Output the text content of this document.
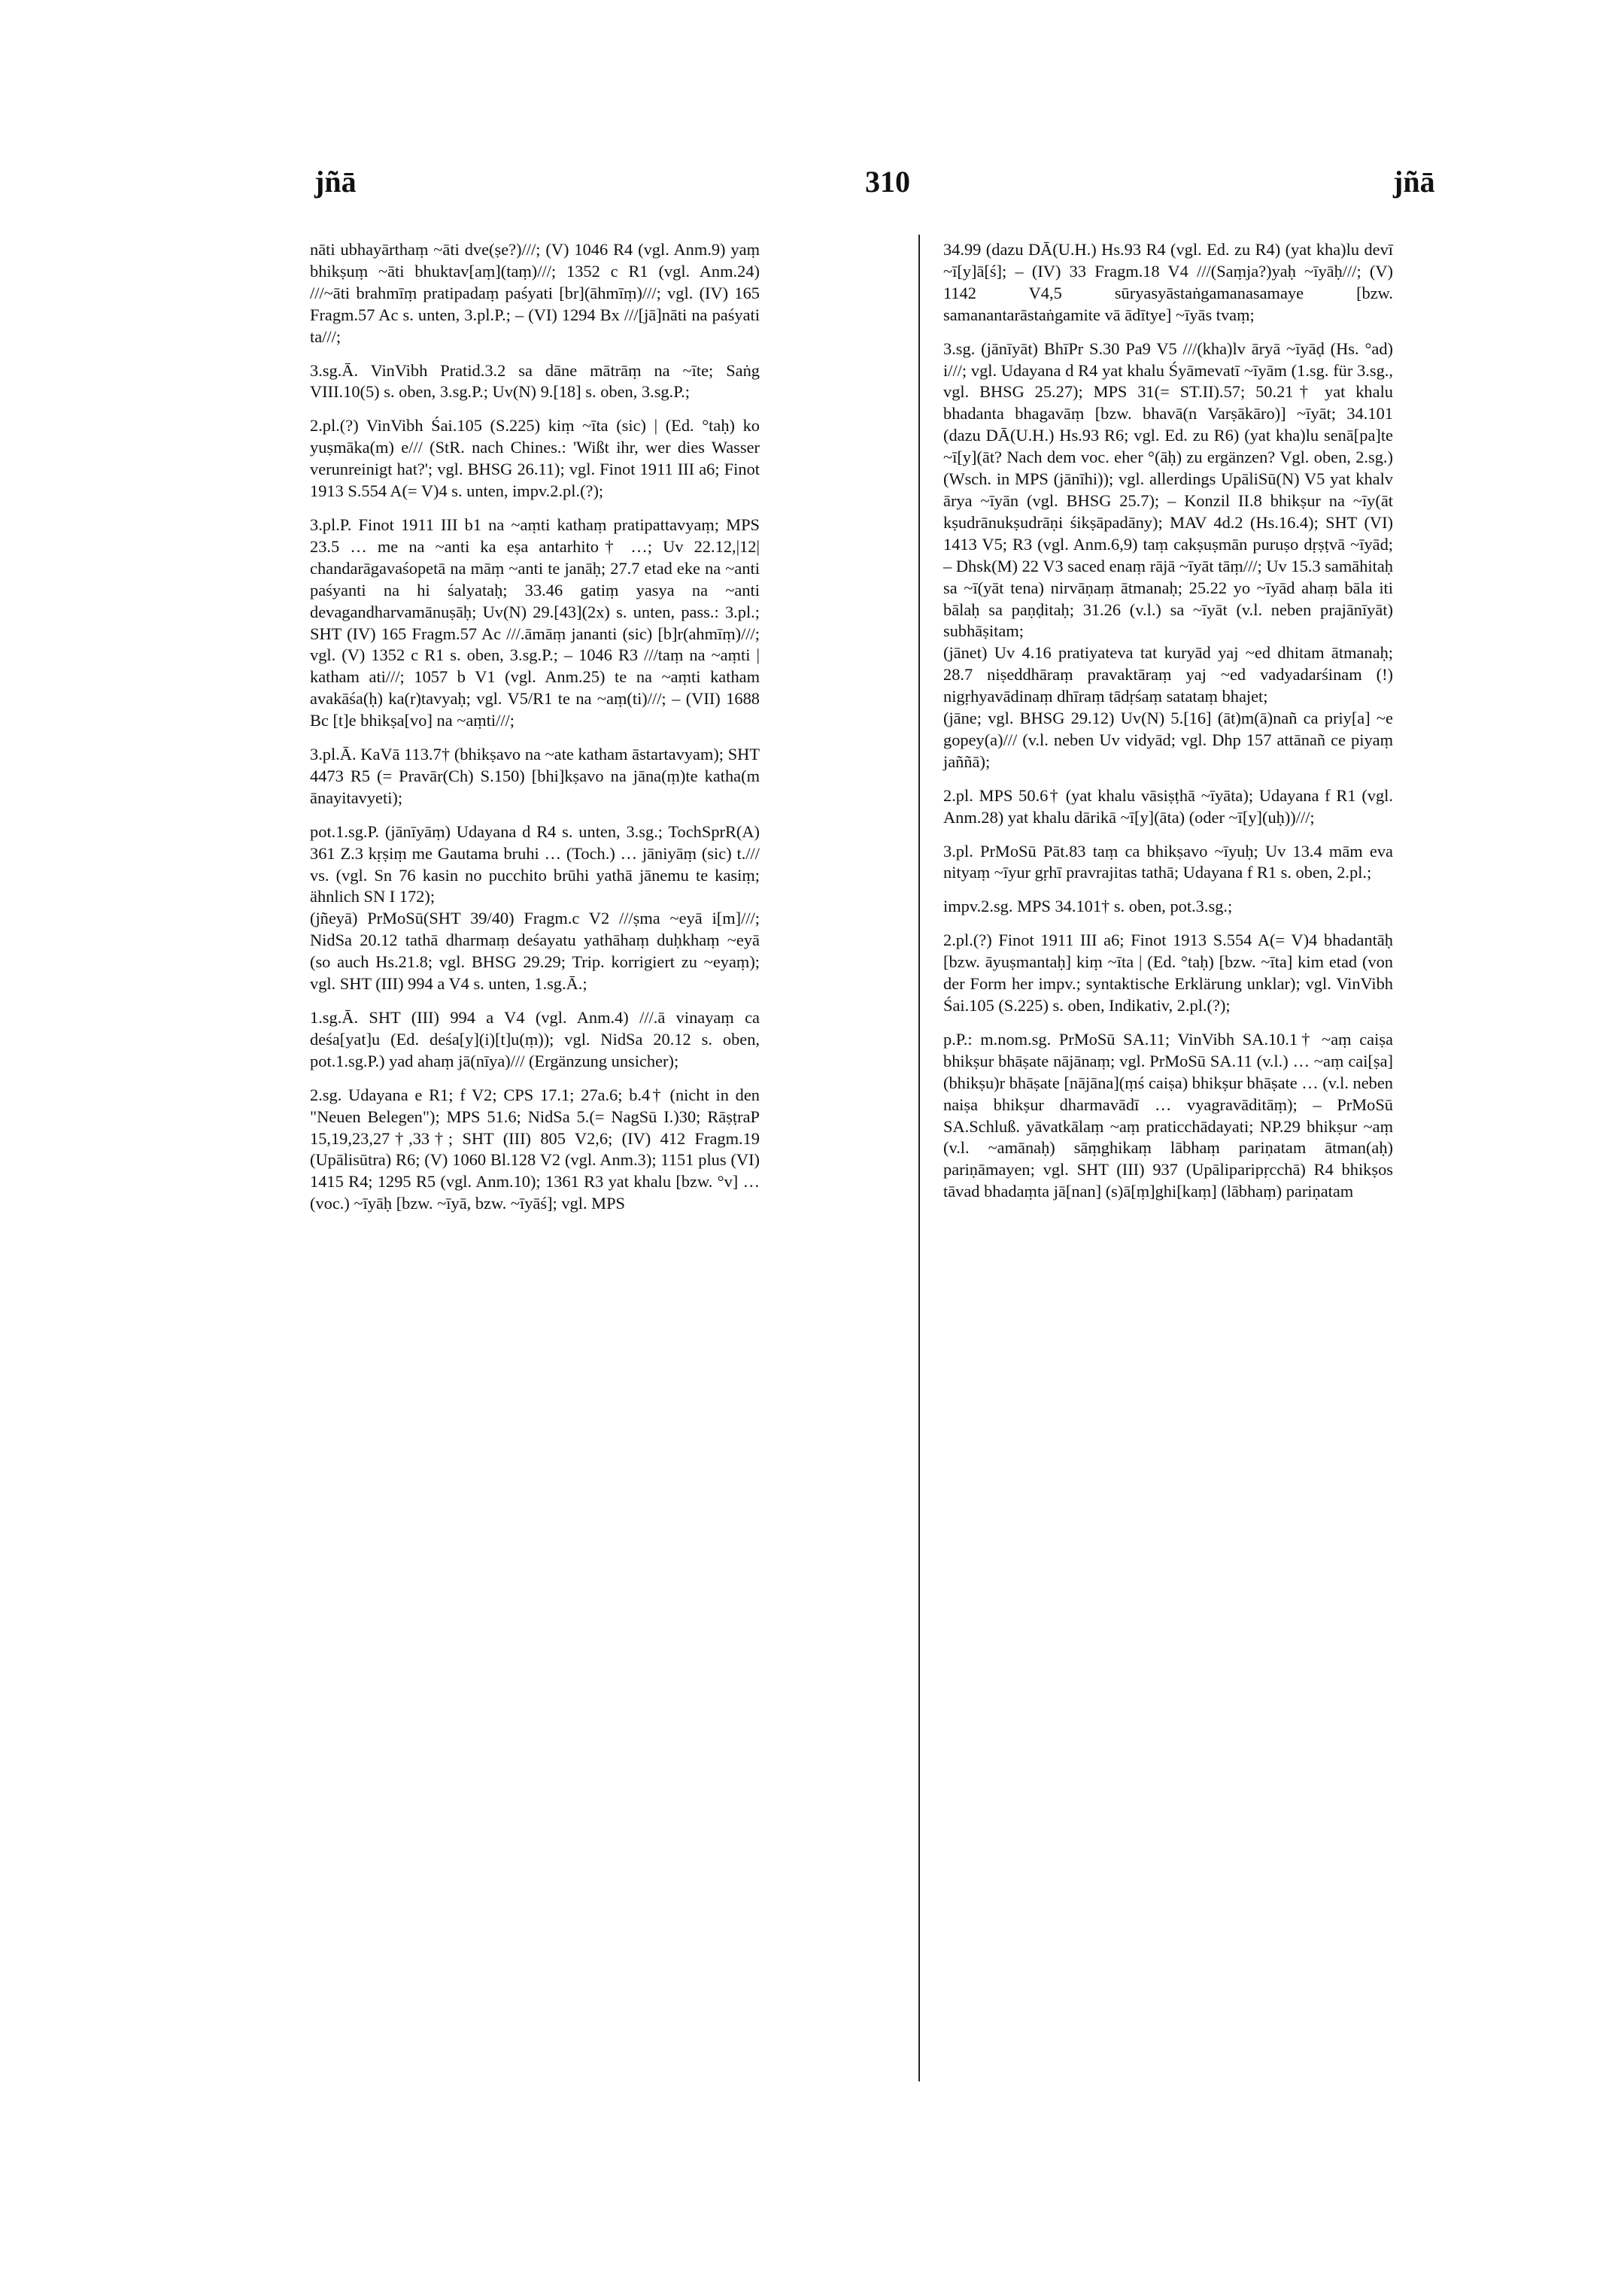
jñā	310	jñā

nāti ubhayārthaṃ ~āti dve(ṣe?)///; (V) 1046 R4 (vgl. Anm.9) yaṃ bhikṣuṃ ~āti bhuktav[aṃ](taṃ)///; 1352 c R1 (vgl. Anm.24) ///~āti brahmīṃ pratipadaṃ paśyati [br](āhmīṃ)///; vgl. (IV) 165 Fragm.57 Ac s. unten, 3.pl.P.; – (VI) 1294 Bx ///[jā]nāti na paśyati ta///;

3.sg.Ā. VinVibh Pratid.3.2 sa dāne mātrāṃ na ~īte; Saṅg VIII.10(5) s. oben, 3.sg.P.; Uv(N) 9.[18] s. oben, 3.sg.P.;

2.pl.(?) VinVibh Śai.105 (S.225) kiṃ ~īta (sic) | (Ed. °taḥ) ko yuṣmāka(m) e/// (StR. nach Chines.: 'Wißt ihr, wer dies Wasser verunreinigt hat?'; vgl. BHSG 26.11); vgl. Finot 1911 III a6; Finot 1913 S.554 A(= V)4 s. unten, impv.2.pl.(?);

3.pl.P. Finot 1911 III b1 na ~aṃti kathaṃ pratipattavyaṃ; MPS 23.5 … me na ~anti ka eṣa antarhito† …; Uv 22.12,|12| chandarāgavaśopetā na māṃ ~anti te janāḥ; 27.7 etad eke na ~anti paśyanti na hi śalyataḥ; 33.46 gatiṃ yasya na ~anti devagandharvamānuṣāḥ; Uv(N) 29.[43](2x) s. unten, pass.: 3.pl.; SHT (IV) 165 Fragm.57 Ac ///.āmāṃ jananti (sic) [b]r(ahmīṃ)///; vgl. (V) 1352 c R1 s. oben, 3.sg.P.; – 1046 R3 ///taṃ na ~aṃti | katham ati///; 1057 b V1 (vgl. Anm.25) te na ~aṃti katham avakāśa(ḥ) ka(r)tavyaḥ; vgl. V5/R1 te na ~aṃ(ti)///; – (VII) 1688 Bc [t]e bhikṣa[vo] na ~aṃti///;

3.pl.Ā. KaVā 113.7† (bhikṣavo na ~ate katham āstartavyam); SHT 4473 R5 (= Pravār(Ch) S.150) [bhi]kṣavo na jāna(ṃ)te katha(m ānayitavyeti);

pot.1.sg.P. (jānīyāṃ) Udayana d R4 s. unten, 3.sg.; TochSprR(A) 361 Z.3 kṛṣiṃ me Gautama bruhi … (Toch.) … jāniyāṃ (sic) t./// vs. (vgl. Sn 76 kasin no pucchito brūhi yathā jānemu te kasiṃ; ähnlich SN I 172);

(jñeyā) PrMoSū(SHT 39/40) Fragm.c V2 ///ṣma ~eyā i[m]///; NidSa 20.12 tathā dharmaṃ deśayatu yathāhaṃ duḥkhaṃ ~eyā (so auch Hs.21.8; vgl. BHSG 29.29; Trip. korrigiert zu ~eyaṃ); vgl. SHT (III) 994 a V4 s. unten, 1.sg.Ā.;

1.sg.Ā. SHT (III) 994 a V4 (vgl. Anm.4) ///.ā vinayaṃ ca deśa[yat]u (Ed. deśa[y](i)[t]u(ṃ)); vgl. NidSa 20.12 s. oben, pot.1.sg.P.) yad ahaṃ jā(nīya)/// (Ergänzung unsicher);

2.sg. Udayana e R1; f V2; CPS 17.1; 27a.6; b.4† (nicht in den "Neuen Belegen"); MPS 51.6; NidSa 5.(= NagSū I.)30; RāṣṭraP 15,19,23,27†,33†; SHT (III) 805 V2,6; (IV) 412 Fragm.19 (Upālisūtra) R6; (V) 1060 Bl.128 V2 (vgl. Anm.3); 1151 plus (VI) 1415 R4; 1295 R5 (vgl. Anm.10); 1361 R3 yat khalu [bzw. °v] … (voc.) ~īyāḥ [bzw. ~īyā, bzw. ~īyāś]; vgl. MPS

34.99 (dazu DĀ(U.H.) Hs.93 R4 (vgl. Ed. zu R4) (yat kha)lu devī ~ī[y]ā[ś]; – (IV) 33 Fragm.18 V4 ///(Saṃja?)yaḥ ~īyāḥ///; (V) 1142 V4,5 sūryasyāstaṅgamanasamaye [bzw. samanantarāstaṅgamite vā ādītye] ~īyās tvaṃ;

3.sg. (jānīyāt) BhīPr S.30 Pa9 V5 ///(kha)lv āryā ~īyāḍ (Hs. °ad) i///; vgl. Udayana d R4 yat khalu Śyāmevatī ~īyām (1.sg. für 3.sg., vgl. BHSG 25.27); MPS 31(= ST.II).57; 50.21† yat khalu bhadanta bhagavāṃ [bzw. bhavā(n Varṣākāro)] ~īyāt; 34.101 (dazu DĀ(U.H.) Hs.93 R6; vgl. Ed. zu R6) (yat kha)lu senā[pa]te ~ī[y](āt? Nach dem voc. eher °(āḥ) zu ergänzen? Vgl. oben, 2.sg.) (Wsch. in MPS (jānīhi)); vgl. allerdings UpāliSū(N) V5 yat khalv ārya ~īyān (vgl. BHSG 25.7); – Konzil II.8 bhikṣur na ~īy(āt kṣudrānukṣudrāṇi śikṣāpadāny); MAV 4d.2 (Hs.16.4); SHT (VI) 1413 V5; R3 (vgl. Anm.6,9) taṃ cakṣuṣmān puruṣo dṛṣṭvā ~īyād; – Dhsk(M) 22 V3 saced enaṃ rājā ~īyāt tāṃ///; Uv 15.3 samāhitaḥ sa ~ī(yāt tena) nirvāṇaṃ ātmanaḥ; 25.22 yo ~īyād ahaṃ bāla iti bālaḥ sa paṇḍitaḥ; 31.26 (v.l.) sa ~īyāt (v.l. neben prajānīyāt) subhāṣitam;

(jānet) Uv 4.16 pratiyateva tat kuryād yaj ~ed dhitam ātmanaḥ; 28.7 niṣeddhāraṃ pravaktāraṃ yaj ~ed vadyadarśinam (!) nigṛhyavādinaṃ dhīraṃ tādṛśaṃ satataṃ bhajet;

(jāne; vgl. BHSG 29.12) Uv(N) 5.[16] (āt)m(ā)nañ ca priy[a] ~e gopey(a)/// (v.l. neben Uv vidyād; vgl. Dhp 157 attānañ ce piyaṃ jaññā);

2.pl. MPS 50.6† (yat khalu vāsiṣṭhā ~īyāta); Udayana f R1 (vgl. Anm.28) yat khalu dārikā ~ī[y](āta) (oder ~ī[y](uḥ))///;

3.pl. PrMoSū Pāt.83 taṃ ca bhikṣavo ~īyuḥ; Uv 13.4 mām eva nityaṃ ~īyur gṛhī pravrajitas tathā; Udayana f R1 s. oben, 2.pl.;

impv.2.sg. MPS 34.101† s. oben, pot.3.sg.;

2.pl.(?) Finot 1911 III a6; Finot 1913 S.554 A(= V)4 bhadantāḥ [bzw. āyuṣmantaḥ] kiṃ ~īta | (Ed. °taḥ) [bzw. ~īta] kim etad (von der Form her impv.; syntaktische Erklärung unklar); vgl. VinVibh Śai.105 (S.225) s. oben, Indikativ, 2.pl.(?);

p.P.: m.nom.sg. PrMoSū SA.11; VinVibh SA.10.1† ~aṃ caiṣa bhikṣur bhāṣate nājānaṃ; vgl. PrMoSū SA.11 (v.l.) … ~aṃ cai[ṣa] (bhikṣu)r bhāṣate [nājāna](ṃś caiṣa) bhikṣur bhāṣate … (v.l. neben naiṣa bhikṣur dharmavādī … vyagravāditāṃ); – PrMoSū SA.Schluß. yāvatkālaṃ ~aṃ praticchādayati; NP.29 bhikṣur ~aṃ (v.l. ~amānaḥ) sāṃghikaṃ lābhaṃ pariṇatam ātman(aḥ) pariṇāmayen; vgl. SHT (III) 937 (Upāliparipṛcchā) R4 bhikṣos tāvad bhadaṃta jā[nan] (s)ā[ṃ]ghi[kaṃ] (lābhaṃ) pariṇatam
